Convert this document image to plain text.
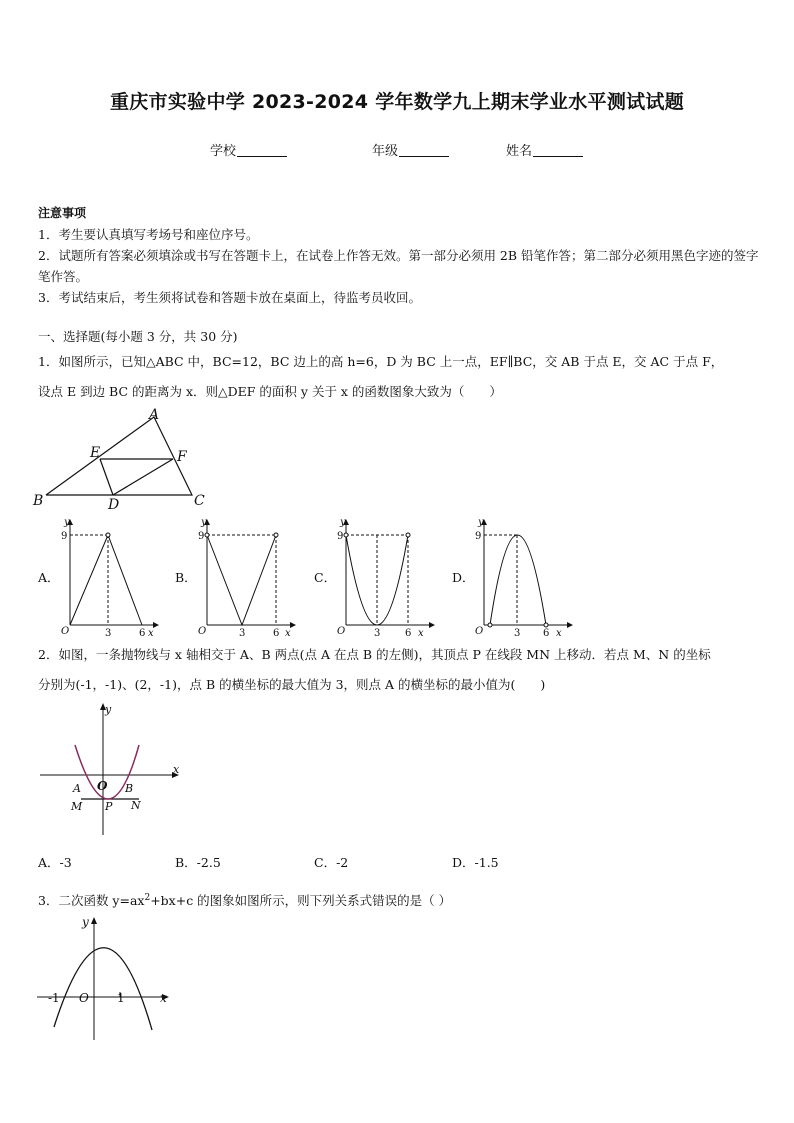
重庆市实验中学 2023-2024 学年数学九上期末学业水平测试试题
学校	年级	姓名
注意事项
1．考生要认真填写考场号和座位序号。
2．试题所有答案必须填涂或书写在答题卡上，在试卷上作答无效。第一部分必须用 2B 铅笔作答；第二部分必须用黑色字迹的签字笔作答。
3．考试结束后，考生须将试卷和答题卡放在桌面上，待监考员收回。
一、选择题(每小题 3 分，共 30 分)
1．如图所示，已知△ABC 中，BC=12，BC 边上的高 h=6，D 为 BC 上一点，EF∥BC，交 AB 于点 E，交 AC 于点 F，
设点 E 到边 BC 的距离为 x．则△DEF 的面积 y 关于 x 的函数图象大致为（　　）
A
B	C
D
E	F
A．	B．	C．	D．
y
9
O	3	6 x
y
9
O	3	6 x
y
9
O	3 6 x
y
9
O	3 6 x
2．如图，一条抛物线与 x 轴相交于 A、B 两点(点 A 在点 B 的左侧)，其顶点 P 在线段 MN 上移动．若点 M、N 的坐标
分别为(-1，-1)、(2，-1)，点 B 的横坐标的最大值为 3，则点 A 的横坐标的最小值为(　　)
y
x
O
A	B
M	N
P
A．-3	B．-2.5	C．-2	D．-1.5
3．二次函数 $y=ax^2+bx+c$ 的图象如图所示，则下列关系式错误的是（ ）
y
x
O
-1	1
